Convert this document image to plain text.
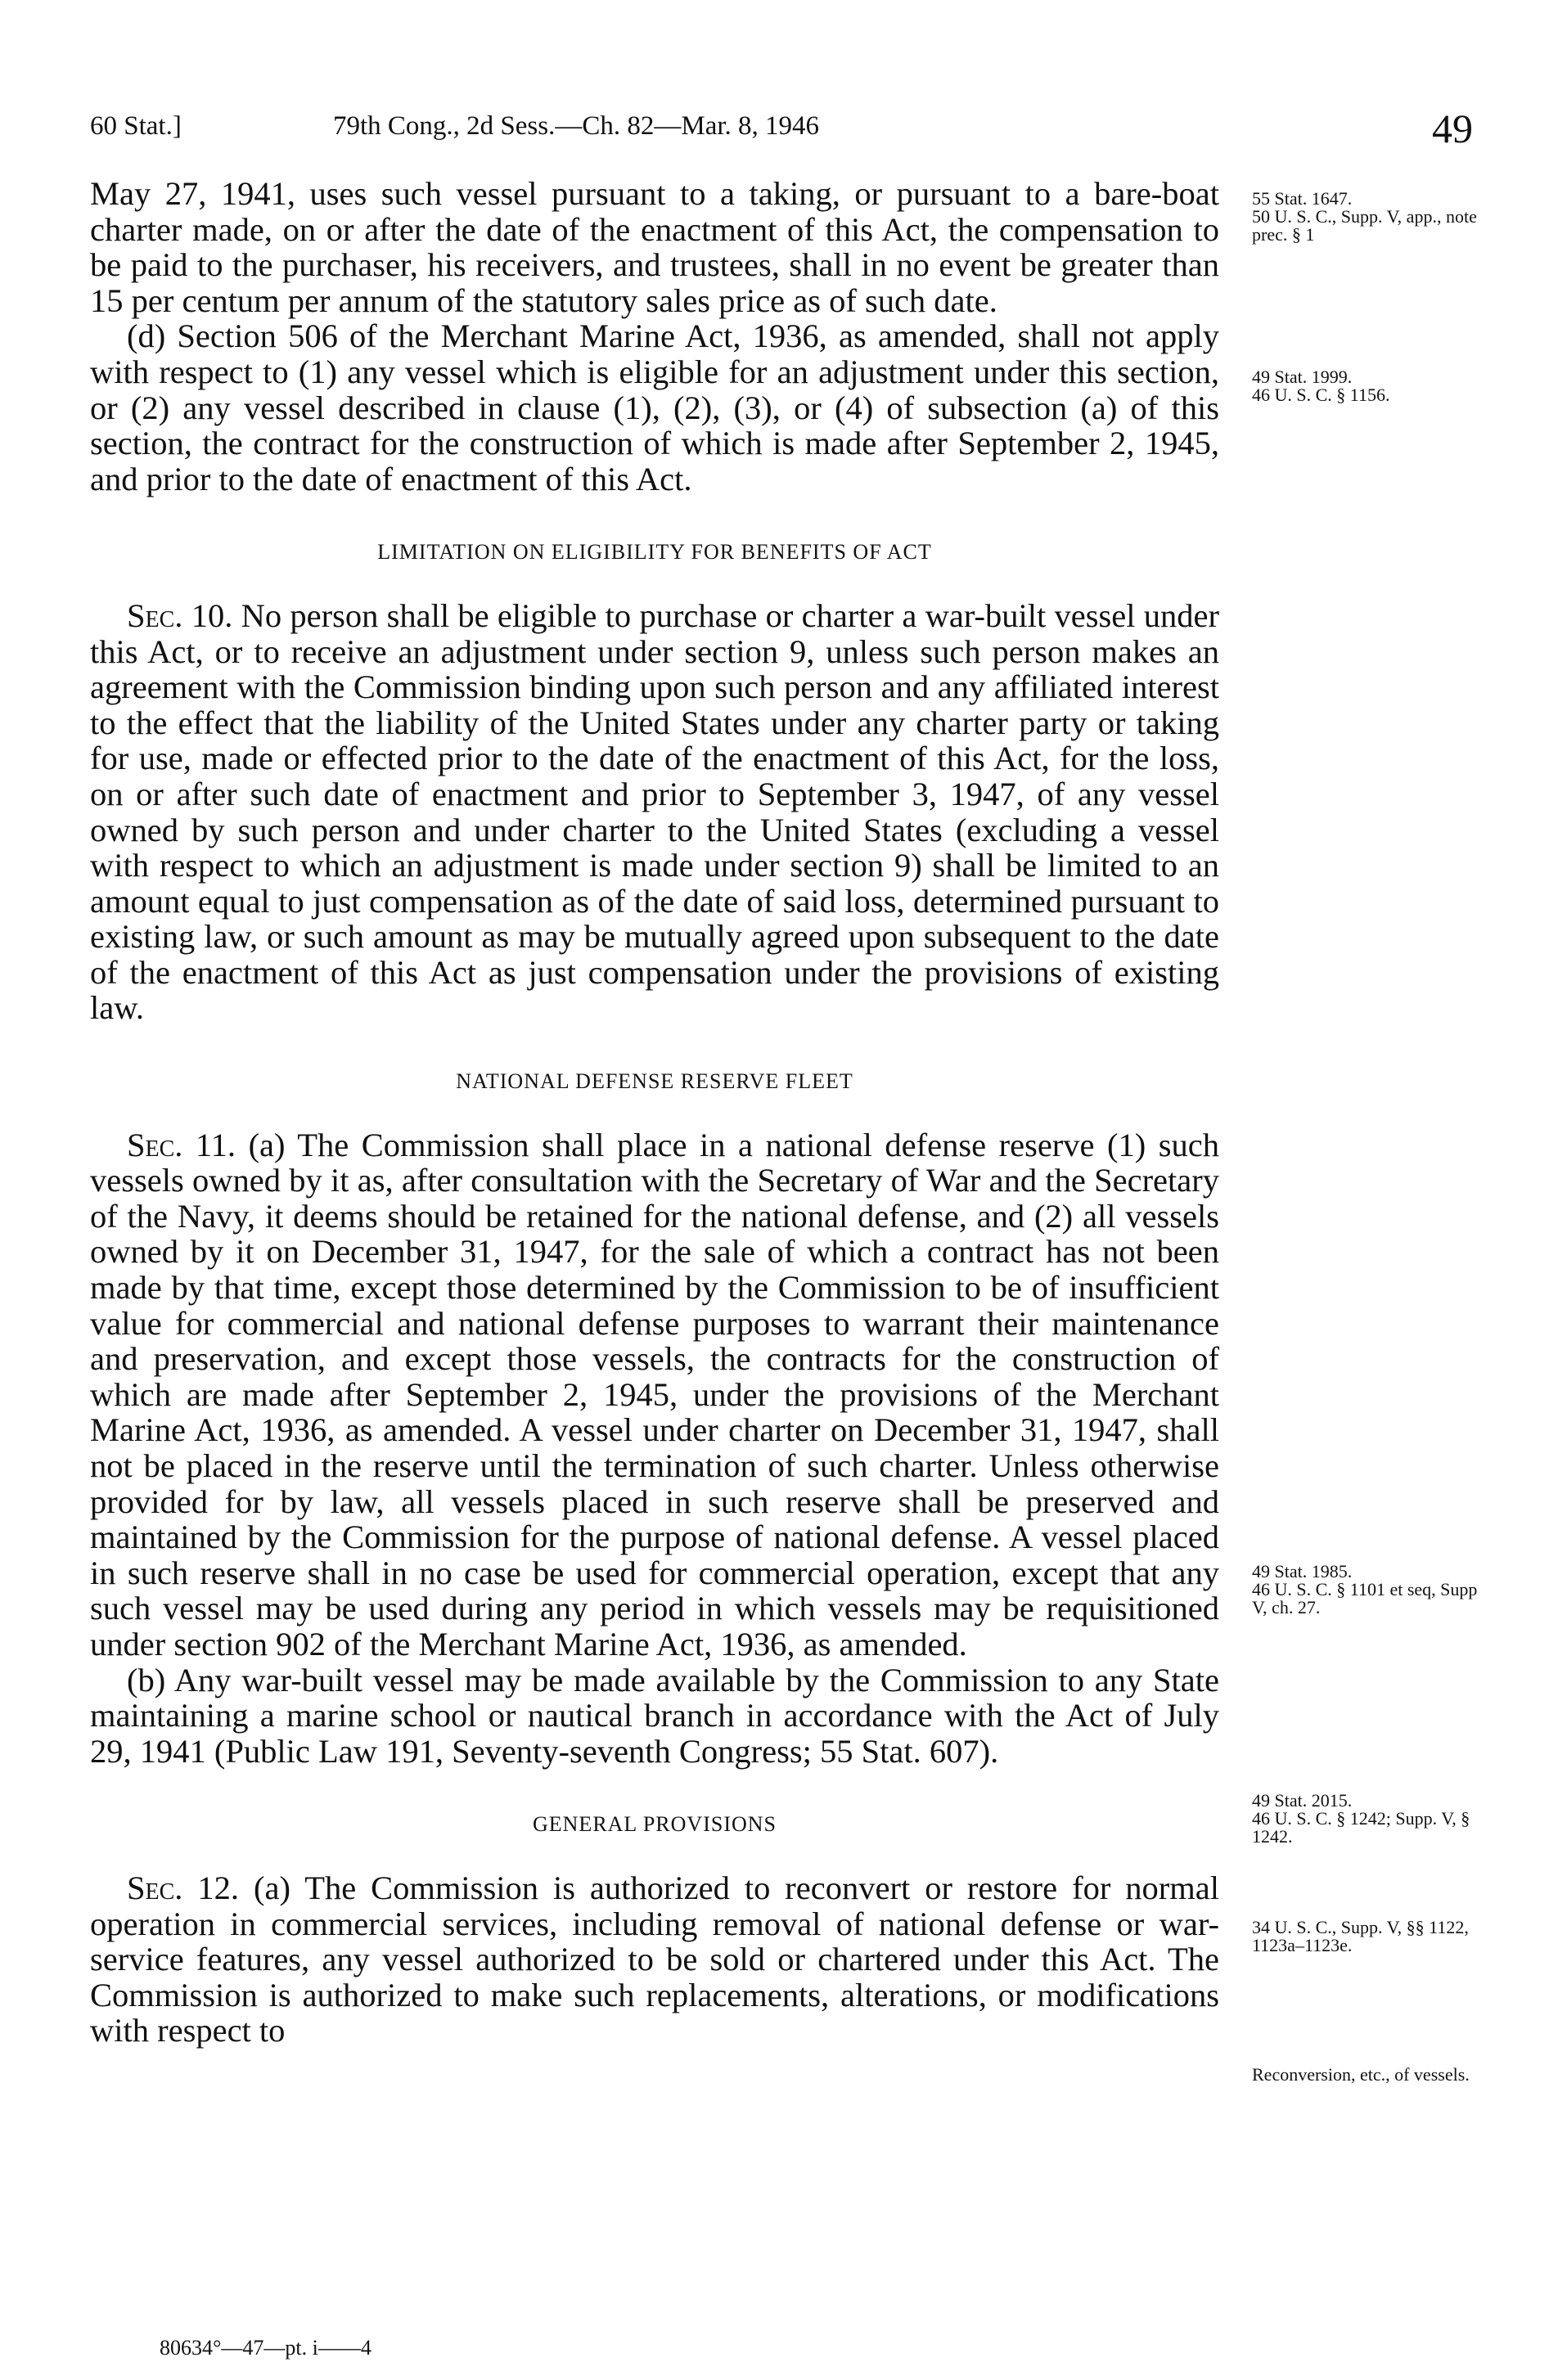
60 Stat.]	79th Cong., 2d Sess.—Ch. 82—Mar. 8, 1946	49

May 27, 1941, uses such vessel pursuant to a taking, or pursuant to a bare-boat charter made, on or after the date of the enactment of this Act, the compensation to be paid to the purchaser, his receivers, and trustees, shall in no event be greater than 15 per centum per annum of the statutory sales price as of such date.

(d) Section 506 of the Merchant Marine Act, 1936, as amended, shall not apply with respect to (1) any vessel which is eligible for an adjustment under this section, or (2) any vessel described in clause (1), (2), (3), or (4) of subsection (a) of this section, the contract for the construction of which is made after September 2, 1945, and prior to the date of enactment of this Act.

LIMITATION ON ELIGIBILITY FOR BENEFITS OF ACT

Sec. 10. No person shall be eligible to purchase or charter a war-built vessel under this Act, or to receive an adjustment under section 9, unless such person makes an agreement with the Commission binding upon such person and any affiliated interest to the effect that the liability of the United States under any charter party or taking for use, made or effected prior to the date of the enactment of this Act, for the loss, on or after such date of enactment and prior to September 3, 1947, of any vessel owned by such person and under charter to the United States (excluding a vessel with respect to which an adjustment is made under section 9) shall be limited to an amount equal to just compensation as of the date of said loss, determined pursuant to existing law, or such amount as may be mutually agreed upon subsequent to the date of the enactment of this Act as just compensation under the provisions of existing law.

NATIONAL DEFENSE RESERVE FLEET

Sec. 11. (a) The Commission shall place in a national defense reserve (1) such vessels owned by it as, after consultation with the Secretary of War and the Secretary of the Navy, it deems should be retained for the national defense, and (2) all vessels owned by it on December 31, 1947, for the sale of which a contract has not been made by that time, except those determined by the Commission to be of insufficient value for commercial and national defense purposes to warrant their maintenance and preservation, and except those vessels, the contracts for the construction of which are made after September 2, 1945, under the provisions of the Merchant Marine Act, 1936, as amended. A vessel under charter on December 31, 1947, shall not be placed in the reserve until the termination of such charter. Unless otherwise provided for by law, all vessels placed in such reserve shall be preserved and maintained by the Commission for the purpose of national defense. A vessel placed in such reserve shall in no case be used for commercial operation, except that any such vessel may be used during any period in which vessels may be requisitioned under section 902 of the Merchant Marine Act, 1936, as amended.

(b) Any war-built vessel may be made available by the Commission to any State maintaining a marine school or nautical branch in accordance with the Act of July 29, 1941 (Public Law 191, Seventy-seventh Congress; 55 Stat. 607).

GENERAL PROVISIONS

Sec. 12. (a) The Commission is authorized to reconvert or restore for normal operation in commercial services, including removal of national defense or war-service features, any vessel authorized to be sold or chartered under this Act. The Commission is authorized to make such replacements, alterations, or modifications with respect to

55 Stat. 1647.
50 U. S. C., Supp. V, app., note prec. § 1
49 Stat. 1999.
46 U. S. C. § 1156.
49 Stat. 1985.
46 U. S. C. § 1101 et seq, Supp V, ch. 27.
49 Stat. 2015.
46 U. S. C. § 1242; Supp. V, § 1242.
34 U. S. C., Supp. V, §§ 1122, 1123a–1123e.
Reconversion, etc., of vessels.
80634°—47—pt. i——4
